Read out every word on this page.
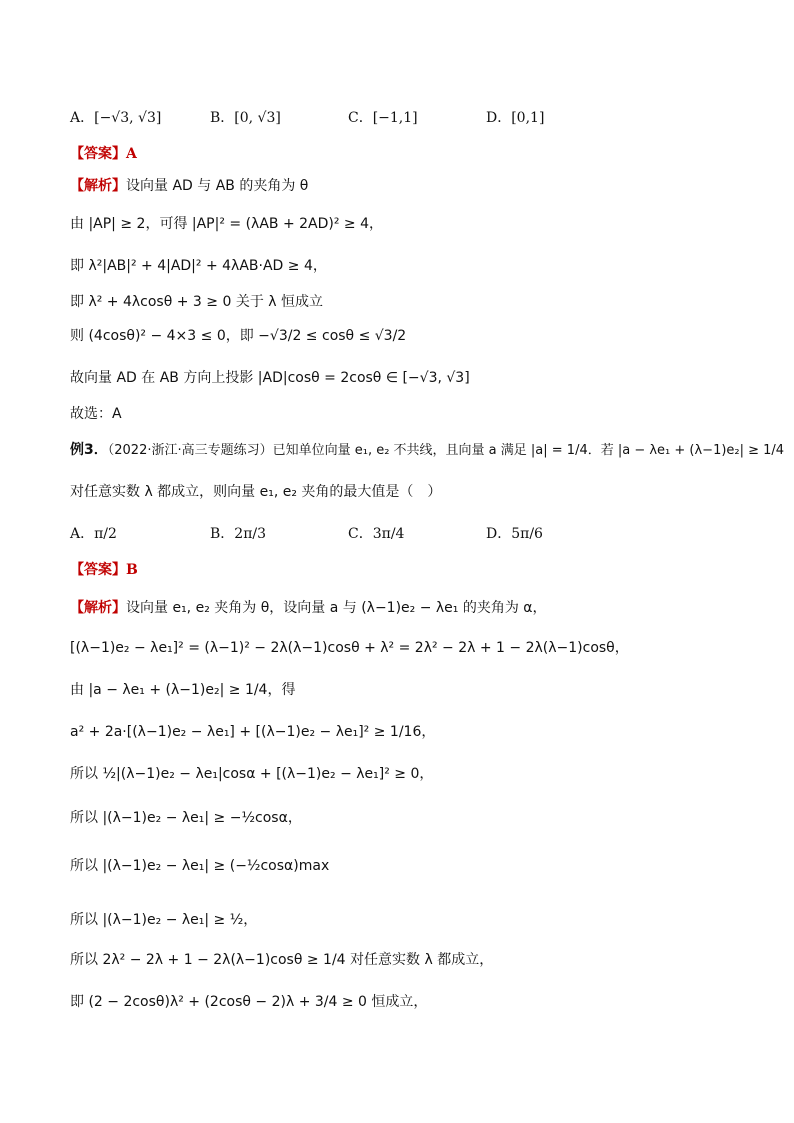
A．[−√3, √3]	B．[0, √3]	C．[−1,1]	D．[0,1]
【答案】A
【解析】设向量 AD 与 AB 的夹角为 θ
由 |AP| ≥ 2，可得 |AP|² = (λAB + 2AD)² ≥ 4，
即 λ²|AB|² + 4|AD|² + 4λAB·AD ≥ 4，
即 λ² + 4λcosθ + 3 ≥ 0 关于 λ 恒成立
则 (4cosθ)² − 4×3 ≤ 0，即 −√3/2 ≤ cosθ ≤ √3/2
故向量 AD 在 AB 方向上投影 |AD|cosθ = 2cosθ ∈ [−√3, √3]
故选：A
例3．（2022·浙江·高三专题练习）已知单位向量 e₁, e₂ 不共线，且向量 a 满足 |a| = 1/4．若 |a − λe₁ + (λ−1)e₂| ≥ 1/4
对任意实数 λ 都成立，则向量 e₁, e₂ 夹角的最大值是（　）
A．π/2	B．2π/3	C．3π/4	D．5π/6
【答案】B
【解析】设向量 e₁, e₂ 夹角为 θ，设向量 a 与 (λ−1)e₂ − λe₁ 的夹角为 α，
[(λ−1)e₂ − λe₁]² = (λ−1)² − 2λ(λ−1)cosθ + λ² = 2λ² − 2λ + 1 − 2λ(λ−1)cosθ，
由 |a − λe₁ + (λ−1)e₂| ≥ 1/4，得
a² + 2a·[(λ−1)e₂ − λe₁] + [(λ−1)e₂ − λe₁]² ≥ 1/16，
所以 ½|(λ−1)e₂ − λe₁|cosα + [(λ−1)e₂ − λe₁]² ≥ 0，
所以 |(λ−1)e₂ − λe₁| ≥ −½cosα，
所以 |(λ−1)e₂ − λe₁| ≥ (−½cosα)max
所以 |(λ−1)e₂ − λe₁| ≥ ½，
所以 2λ² − 2λ + 1 − 2λ(λ−1)cosθ ≥ 1/4 对任意实数 λ 都成立，
即 (2 − 2cosθ)λ² + (2cosθ − 2)λ + 3/4 ≥ 0 恒成立，
